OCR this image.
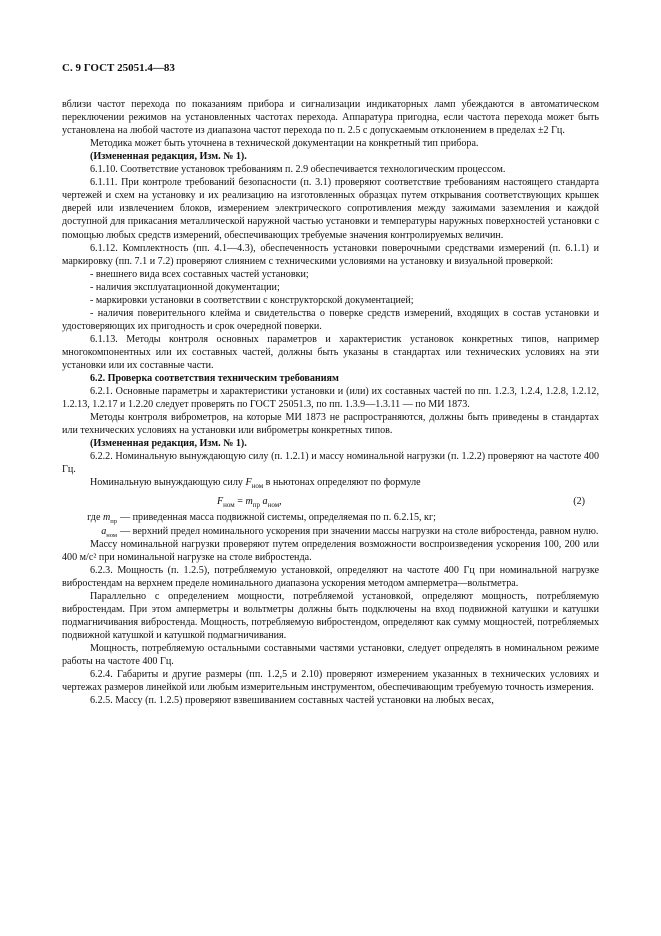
С. 9 ГОСТ 25051.4—83

вблизи частот перехода по показаниям прибора и сигнализации индикаторных ламп убеждаются в автоматическом переключении режимов на установленных частотах перехода. Аппаратура пригодна, если частота перехода может быть установлена на любой частоте из диапазона частот перехода по п. 2.5 с допускаемым отклонением в пределах ±2 Гц.

Методика может быть уточнена в технической документации на конкретный тип прибора.

(Измененная редакция, Изм. № 1).

6.1.10. Соответствие установок требованиям п. 2.9 обеспечивается технологическим процессом.

6.1.11. При контроле требований безопасности (п. 3.1) проверяют соответствие требованиям настоящего стандарта чертежей и схем на установку и их реализацию на изготовленных образцах путем открывания соответствующих крышек дверей или извлечением блоков, измерением электрического сопротивления между зажимами заземления и каждой доступной для прикасания металлической наружной частью установки и температуры наружных поверхностей установки с помощью любых средств измерений, обеспечивающих требуемые значения контролируемых величин.

6.1.12. Комплектность (пп. 4.1—4.3), обеспеченность установки поверочными средствами измерений (п. 6.1.1) и маркировку (пп. 7.1 и 7.2) проверяют слиянием с техническими условиями на установку и визуальной проверкой:

- внешнего вида всех составных частей установки;

- наличия эксплуатационной документации;

- маркировки установки в соответствии с конструкторской документацией;

- наличия поверительного клейма и свидетельства о поверке средств измерений, входящих в состав установки и удостоверяющих их пригодность и срок очередной поверки.

6.1.13. Методы контроля основных параметров и характеристик установок конкретных типов, например многокомпонентных или их составных частей, должны быть указаны в стандартах или технических условиях на эти установки или их составные части.

6.2. Проверка соответствия техническим требованиям

6.2.1. Основные параметры и характеристики установки и (или) их составных частей по пп. 1.2.3, 1.2.4, 1.2.8, 1.2.12, 1.2.13, 1.2.17 и 1.2.20 следует проверять по ГОСТ 25051.3, по пп. 1.3.9—1.3.11 — по МИ 1873.

Методы контроля виброметров, на которые МИ 1873 не распространяются, должны быть приведены в стандартах или технических условиях на установки или виброметры конкретных типов.

(Измененная редакция, Изм. № 1).

6.2.2. Номинальную вынуждающую силу (п. 1.2.1) и массу номинальной нагрузки (п. 1.2.2) проверяют на частоте 400 Гц.

Номинальную вынуждающую силу $F_{ном}$ в ньютонах определяют по формуле

$F_{ном} = m_{пр}$ $a_{ном}$,	(2)
где $m_{пр}$ — приведенная масса подвижной системы, определяемая по п. 6.2.15, кг;
$a_{ном}$ — верхний предел номинального ускорения при значении массы нагрузки на столе вибростенда, равном нулю.

Массу номинальной нагрузки проверяют путем определения возможности воспроизведения ускорения 100, 200 или 400 м/с² при номинальной нагрузке на столе вибростенда.

6.2.3. Мощность (п. 1.2.5), потребляемую установкой, определяют на частоте 400 Гц при номинальной нагрузке вибростендам на верхнем пределе номинального диапазона ускорения методом амперметра—вольтметра.

Параллельно с определением мощности, потребляемой установкой, определяют мощность, потребляемую вибростендам. При этом амперметры и вольтметры должны быть подключены на вход подвижной катушки и катушки подмагничивания вибростенда. Мощность, потребляемую вибростендом, определяют как сумму мощностей, потребляемых подвижной катушкой и катушкой подмагничивания.

Мощность, потребляемую остальными составными частями установки, следует определять в номинальном режиме работы на частоте 400 Гц.

6.2.4. Габариты и другие размеры (пп. 1.2,5 и 2.10) проверяют измерением указанных в технических условиях и чертежах размеров линейкой или любым измерительным инструментом, обеспечивающим требуемую точность измерения.

6.2.5. Массу (п. 1.2.5) проверяют взвешиванием составных частей установки на любых весах,
